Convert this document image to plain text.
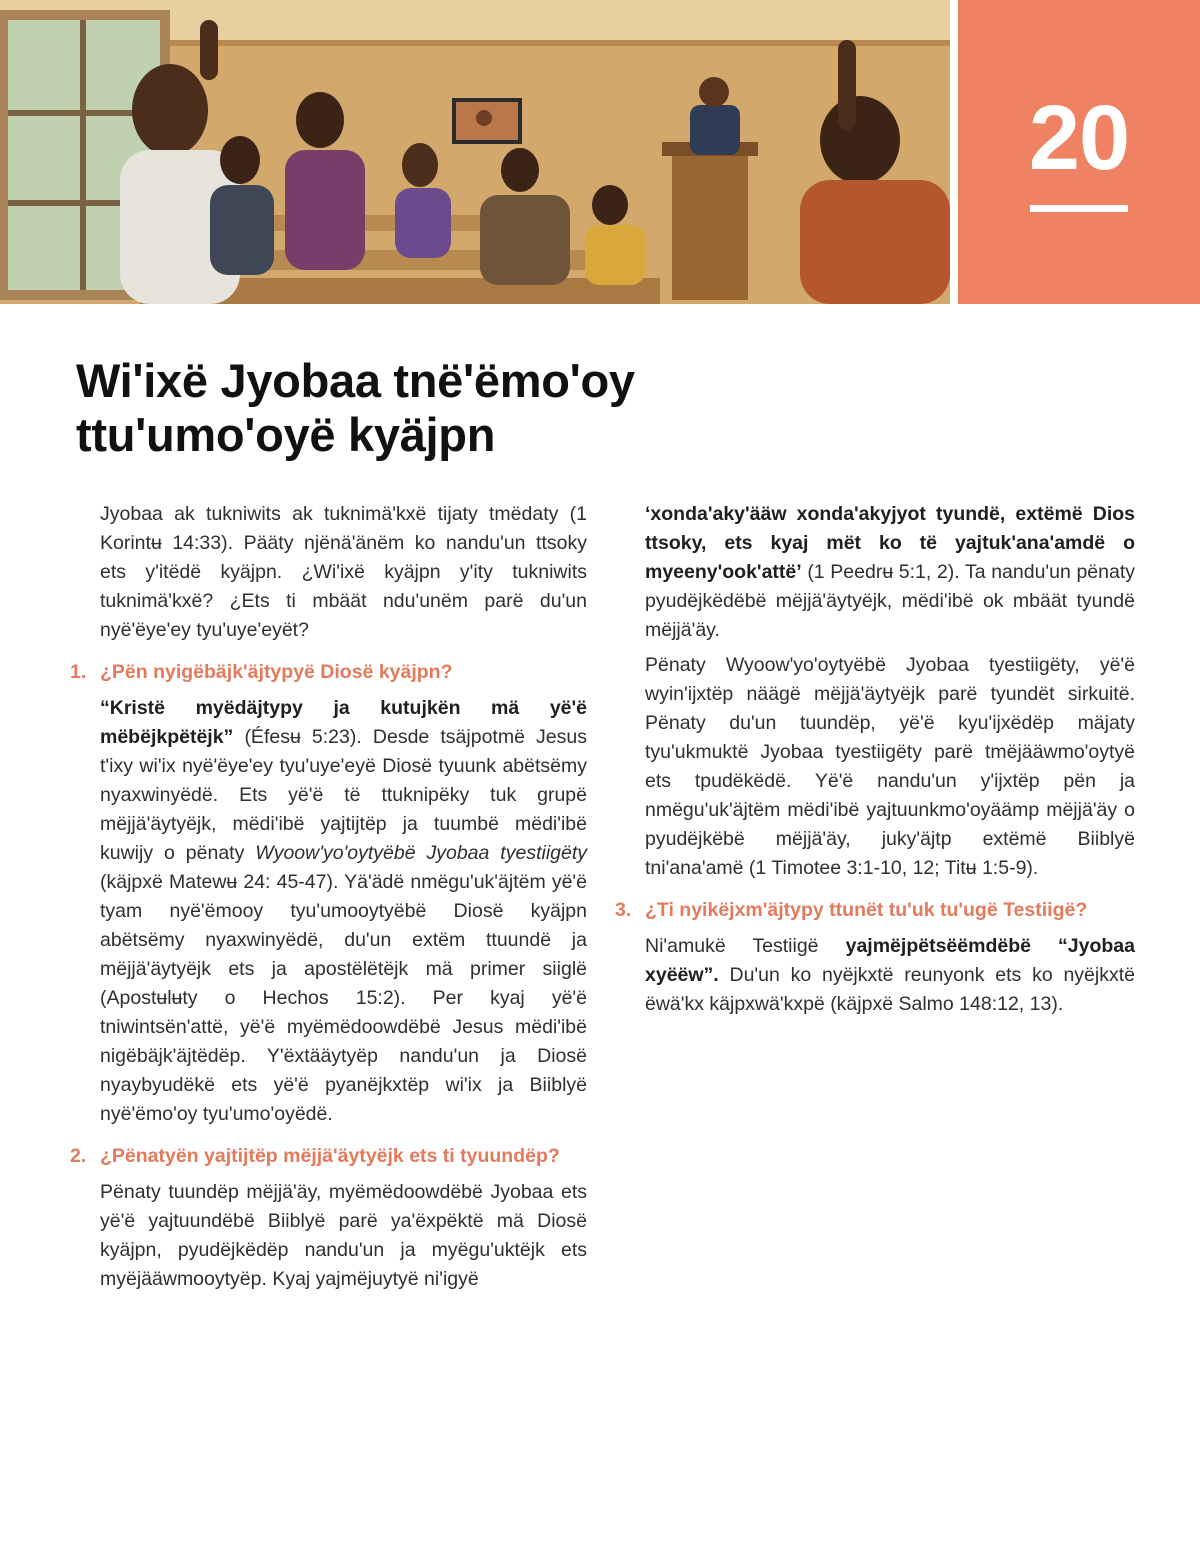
20
Wi'ixë Jyobaa tnë'ëmo'oy
ttu'umo'oyë kyäjpn

Jyobaa ak tukniwits ak tuknimä'kxë tijaty tmëdaty (1 Korintʉ 14:33). Pääty njënä'änëm ko nandu'un ttsoky ets y'itëdë kyäjpn. ¿Wi'ixë kyäjpn y'ity tukniwits tuknimä'kxë? ¿Ets ti mbäät ndu'unëm parë du'un nyë'ëye'ey tyu'uye'eyët?

1. ¿Pën nyigëbäjk'äjtypyë Diosë kyäjpn?

“Kristë myëdäjtypy ja kutujkën mä yë'ë mëbëjkpëtëjk” (Éfesʉ 5:23). Desde tsäjpotmë Jesus t'ixy wi'ix nyë'ëye'ey tyu'uye'eyë Diosë tyuunk abëtsëmy nyaxwinyëdë. Ets yë'ë të ttuknipëky tuk grupë mëjjä'äytyëjk, mëdi'ibë yajtijtëp ja tuumbë mëdi'ibë kuwijy o pënaty Wyoow'yo'oytyëbë Jyobaa tyestiigëty (käjpxë Matewʉ 24: 45-47). Yä'ädë nmëgu'uk'äjtëm yë'ë tyam nyë'ëmooy tyu'umooytyëbë Diosë kyäjpn abëtsëmy nyaxwinyëdë, du'un extëm ttuundë ja mëjjä'äytyëjk ets ja apostëlëtëjk mä primer siiglë (Apostʉlʉty o Hechos 15:2). Per kyaj yë'ë tniwintsën'attë, yë'ë myëmëdoowdëbë Jesus mëdi'ibë nigëbäjk'äjtëdëp. Y'ëxtääytyëp nandu'un ja Diosë nyaybyudëkë ets yë'ë pyanëjkxtëp wi'ix ja Biiblyë nyë'ëmo'oy tyu'umo'oyëdë.

2. ¿Pënatyën yajtijtëp mëjjä'äytyëjk ets ti tyuundëp?

Pënaty tuundëp mëjjä'äy, myëmëdoowdëbë Jyobaa ets yë'ë yajtuundëbë Biiblyë parë ya'ëxpëktë mä Diosë kyäjpn, pyudëjkëdëp nandu'un ja myëgu'uktëjk ets myëjääwmooytyëp. Kyaj yajmëjuytyë ni'igyë

‘xonda'aky'ääw xonda'akyjyot tyundë, extëmë Dios ttsoky, ets kyaj mët ko të yajtuk'ana'amdë o myeeny'ook'attë’ (1 Peedrʉ 5:1, 2). Ta nandu'un pënaty pyudëjkëdëbë mëjjä'äytyëjk, mëdi'ibë ok mbäät tyundë mëjjä'äy.

Pënaty Wyoow'yo'oytyëbë Jyobaa tyestiigëty, yë'ë wyin'ijxtëp näägë mëjjä'äytyëjk parë tyundët sirkuitë. Pënaty du'un tuundëp, yë'ë kyu'ijxëdëp mäjaty tyu'ukmuktë Jyobaa tyestiigëty parë tmëjääwmo'oytyë ets tpudëkëdë. Yë'ë nandu'un y'ijxtëp pën ja nmëgu'uk'äjtëm mëdi'ibë yajtuunkmo'oyäämp mëjjä'äy o pyudëjkëbë mëjjä'äy, juky'äjtp extëmë Biiblyë tni'ana'amë (1 Timotee 3:1-10, 12; Titʉ 1:5-9).

3. ¿Ti nyikëjxm'äjtypy ttunët tu'uk tu'ugë Testiigë?

Ni'amukë Testiigë yajmëjpëtsëëmdëbë “Jyobaa xyëëw”. Du'un ko nyëjkxtë reunyonk ets ko nyëjkxtë ëwä'kx käjpxwä'kxpë (käjpxë Salmo 148:12, 13).
